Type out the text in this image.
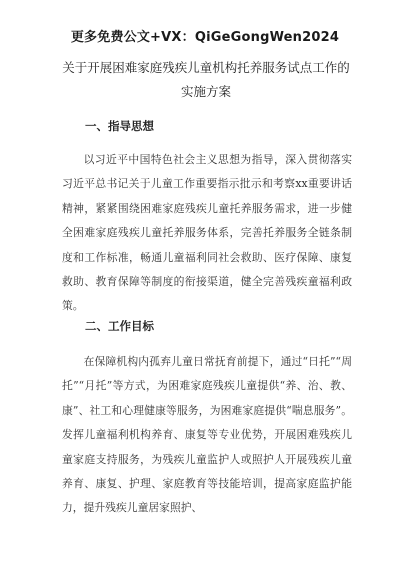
更多免费公文+VX：QiGeGongWen2024
关于开展困难家庭残疾儿童机构托养服务试点工作的实施方案
一、指导思想

以习近平中国特色社会主义思想为指导，深入贯彻落实习近平总书记关于儿童工作重要指示批示和考察xx重要讲话精神，紧紧围绕困难家庭残疾儿童托养服务需求，进一步健全困难家庭残疾儿童托养服务体系，完善托养服务全链条制度和工作标准，畅通儿童福利同社会救助、医疗保障、康复救助、教育保障等制度的衔接渠道，健全完善残疾童福利政策。

二、工作目标

在保障机构内孤弃儿童日常抚育前提下，通过“日托”“周托”“月托”等方式，为困难家庭残疾儿童提供“养、治、教、康”、社工和心理健康等服务，为困难家庭提供“喘息服务”。发挥儿童福利机构养育、康复等专业优势，开展困难残疾儿童家庭支持服务，为残疾儿童监护人或照护人开展残疾儿童养育、康复、护理、家庭教育等技能培训，提高家庭监护能力，提升残疾儿童居家照护、
